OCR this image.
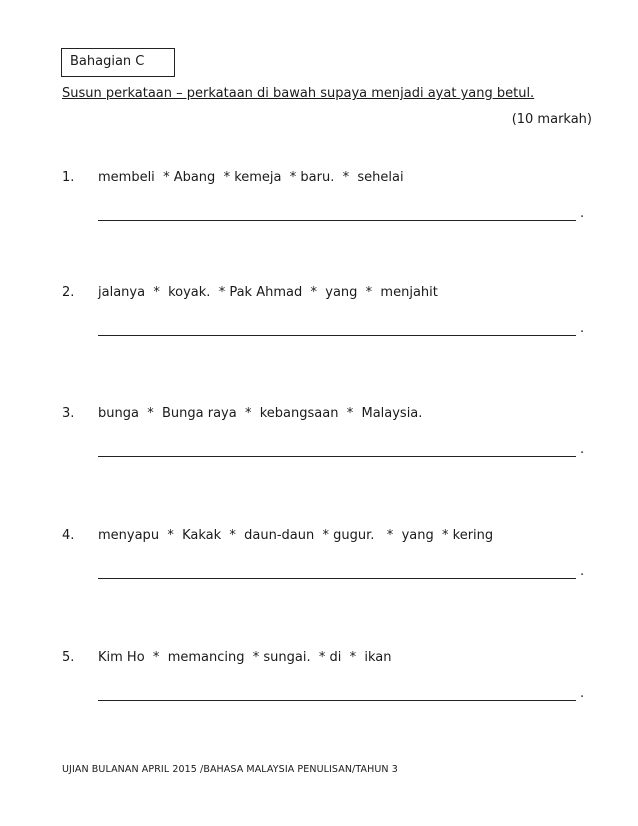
Bahagian C
Susun perkataan – perkataan di bawah supaya menjadi ayat yang betul.
(10 markah)
1. membeli  * Abang  * kemeja  * baru.  *  sehelai
.
2. jalanya  *  koyak.  * Pak Ahmad  *  yang  *  menjahit
.
3. bunga  *  Bunga raya  *  kebangsaan  *  Malaysia.
.
4. menyapu  *  Kakak  *  daun-daun  * gugur.   *  yang  * kering
.
5. Kim Ho  *  memancing  * sungai.  * di  *  ikan
.
UJIAN BULANAN APRIL 2015 /BAHASA MALAYSIA PENULISAN/TAHUN 3
